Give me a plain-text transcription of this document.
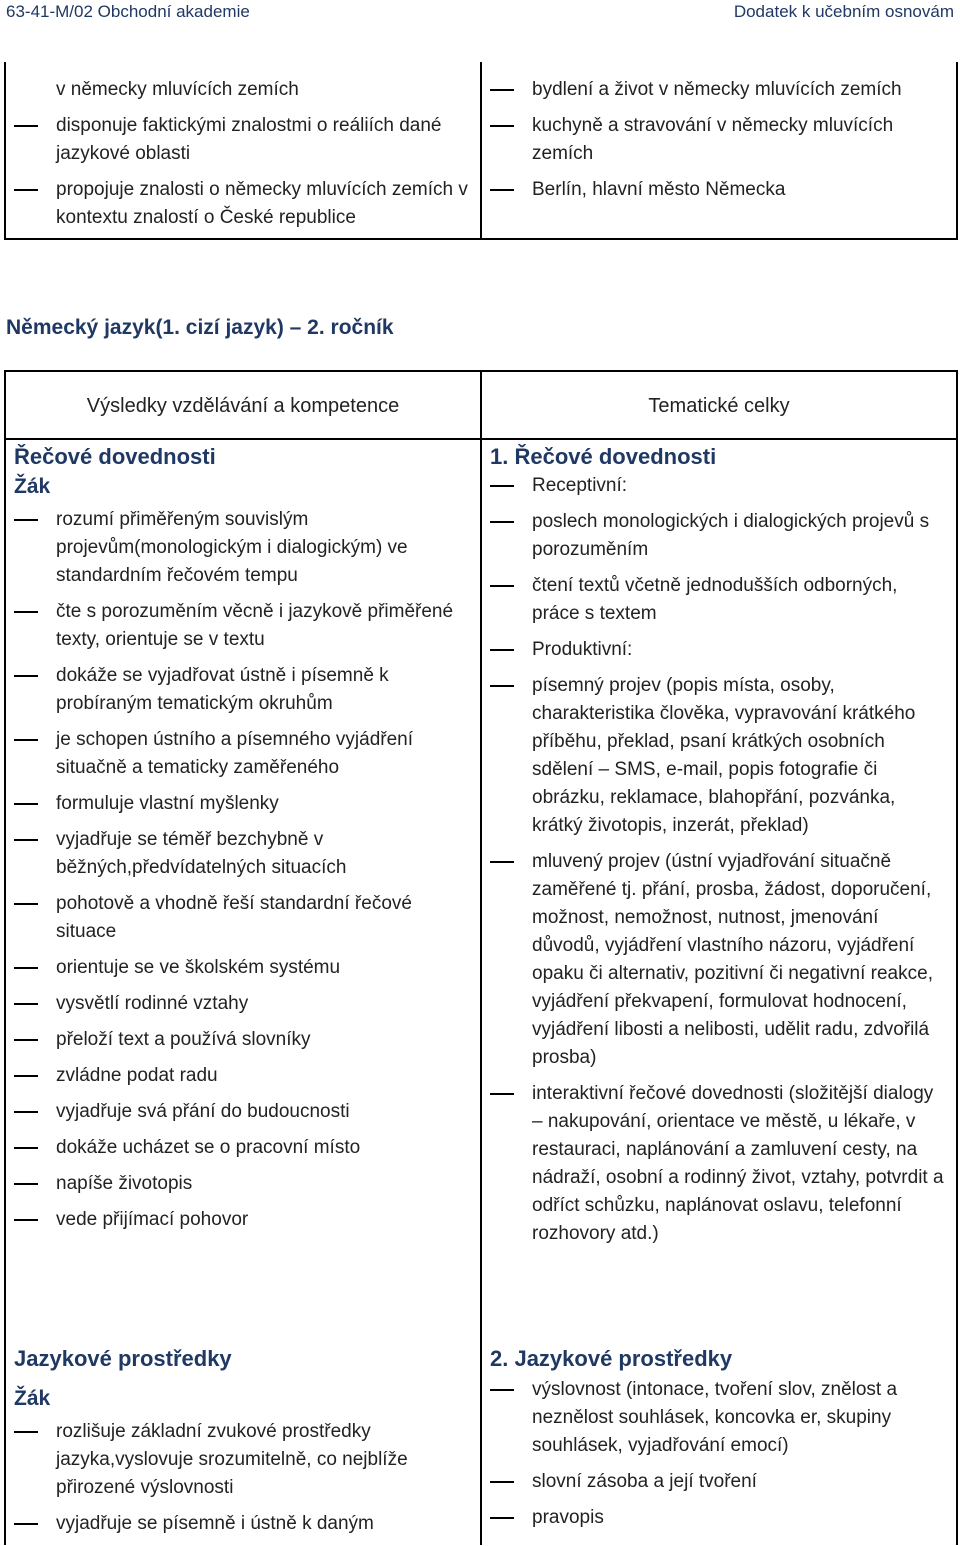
63-41-M/02 Obchodní akademie	Dodatek k učebním osnovám
v německy mluvících zemích
disponuje faktickými znalostmi o reáliích dané jazykové oblasti
propojuje znalosti o německy mluvících zemích v kontextu znalostí o České republice
bydlení a život v německy mluvících zemích
kuchyně a stravování v německy mluvících zemích
Berlín, hlavní město Německa
Německý jazyk(1. cizí jazyk) – 2. ročník
Výsledky vzdělávání a kompetence	Tematické celky
Řečové dovednosti
Žák
rozumí přiměřeným souvislým projevům(monologickým i dialogickým) ve standardním řečovém tempu
čte s porozuměním věcně i jazykově přiměřené texty, orientuje se v textu
dokáže se vyjadřovat ústně i písemně k probíraným tematickým okruhům
je schopen ústního a písemného vyjádření situačně a tematicky zaměřeného
formuluje vlastní myšlenky
vyjadřuje se téměř bezchybně v běžných,předvídatelných situacích
pohotově a vhodně řeší standardní řečové situace
orientuje se ve školském systému
vysvětlí rodinné vztahy
přeloží text a používá slovníky
zvládne podat radu
vyjadřuje svá přání do budoucnosti
dokáže ucházet se o pracovní místo
napíše životopis
vede přijímací pohovor
1. Řečové dovednosti
Receptivní:
poslech monologických i dialogických projevů s porozuměním
čtení textů včetně jednodušších odborných, práce s textem
Produktivní:
písemný projev (popis místa, osoby, charakteristika člověka, vypravování krátkého příběhu, překlad, psaní krátkých osobních sdělení – SMS, e-mail, popis fotografie či obrázku, reklamace, blahopřání, pozvánka, krátký životopis, inzerát, překlad)
mluvený projev (ústní vyjadřování situačně zaměřené tj. přání, prosba, žádost, doporučení, možnost, nemožnost, nutnost, jmenování důvodů, vyjádření vlastního názoru, vyjádření opaku či alternativ, pozitivní či negativní reakce, vyjádření překvapení, formulovat hodnocení, vyjádření libosti a nelibosti, udělit radu, zdvořilá prosba)
interaktivní řečové dovednosti (složitější dialogy – nakupování, orientace ve městě, u lékaře, v restauraci, naplánování a zamluvení cesty, na nádraží, osobní a rodinný život, vztahy, potvrdit a odříct schůzku, naplánovat oslavu, telefonní rozhovory atd.)
Jazykové prostředky
Žák
rozlišuje základní zvukové prostředky jazyka,vyslovuje srozumitelně, co nejblíže přirozené výslovnosti
vyjadřuje se písemně i ústně k daným
2. Jazykové prostředky
výslovnost (intonace, tvoření slov, znělost a neznělost souhlásek, koncovka er, skupiny souhlásek, vyjadřování emocí)
slovní zásoba a její tvoření
pravopis
